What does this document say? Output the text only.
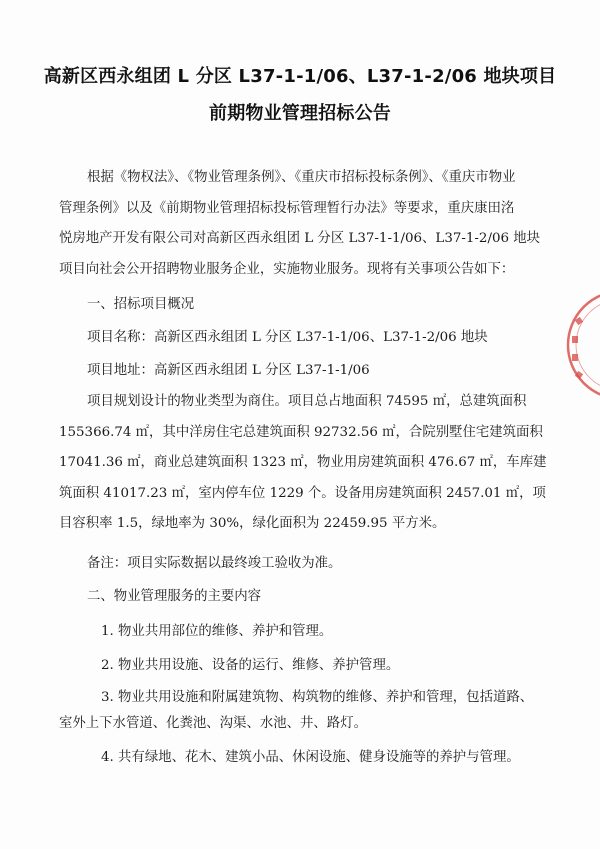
高新区西永组团 L 分区 L37-1-1/06、L37-1-2/06 地块项目
前期物业管理招标公告
根据《物权法》、《物业管理条例》、《重庆市招标投标条例》、《重庆市物业
管理条例》以及《前期物业管理招标投标管理暂行办法》等要求，重庆康田洺
悦房地产开发有限公司对高新区西永组团 L 分区 L37-1-1/06、L37-1-2/06 地块
项目向社会公开招聘物业服务企业，实施物业服务。现将有关事项公告如下：
一、招标项目概况
项目名称：高新区西永组团 L 分区 L37-1-1/06、L37-1-2/06 地块
项目地址：高新区西永组团 L 分区 L37-1-1/06
项目规划设计的物业类型为商住。项目总占地面积 74595 ㎡，总建筑面积
155366.74 ㎡，其中洋房住宅总建筑面积 92732.56 ㎡，合院别墅住宅建筑面积
17041.36 ㎡，商业总建筑面积 1323 ㎡，物业用房建筑面积 476.67 ㎡，车库建
筑面积 41017.23 ㎡，室内停车位 1229 个。设备用房建筑面积 2457.01 ㎡，项
目容积率 1.5，绿地率为 30%，绿化面积为 22459.95 平方米。
备注：项目实际数据以最终竣工验收为准。
二、物业管理服务的主要内容
1. 物业共用部位的维修、养护和管理。
2. 物业共用设施、设备的运行、维修、养护管理。
3. 物业共用设施和附属建筑物、构筑物的维修、养护和管理，包括道路、
室外上下水管道、化粪池、沟渠、水池、井、路灯。
4. 共有绿地、花木、建筑小品、休闲设施、健身设施等的养护与管理。
